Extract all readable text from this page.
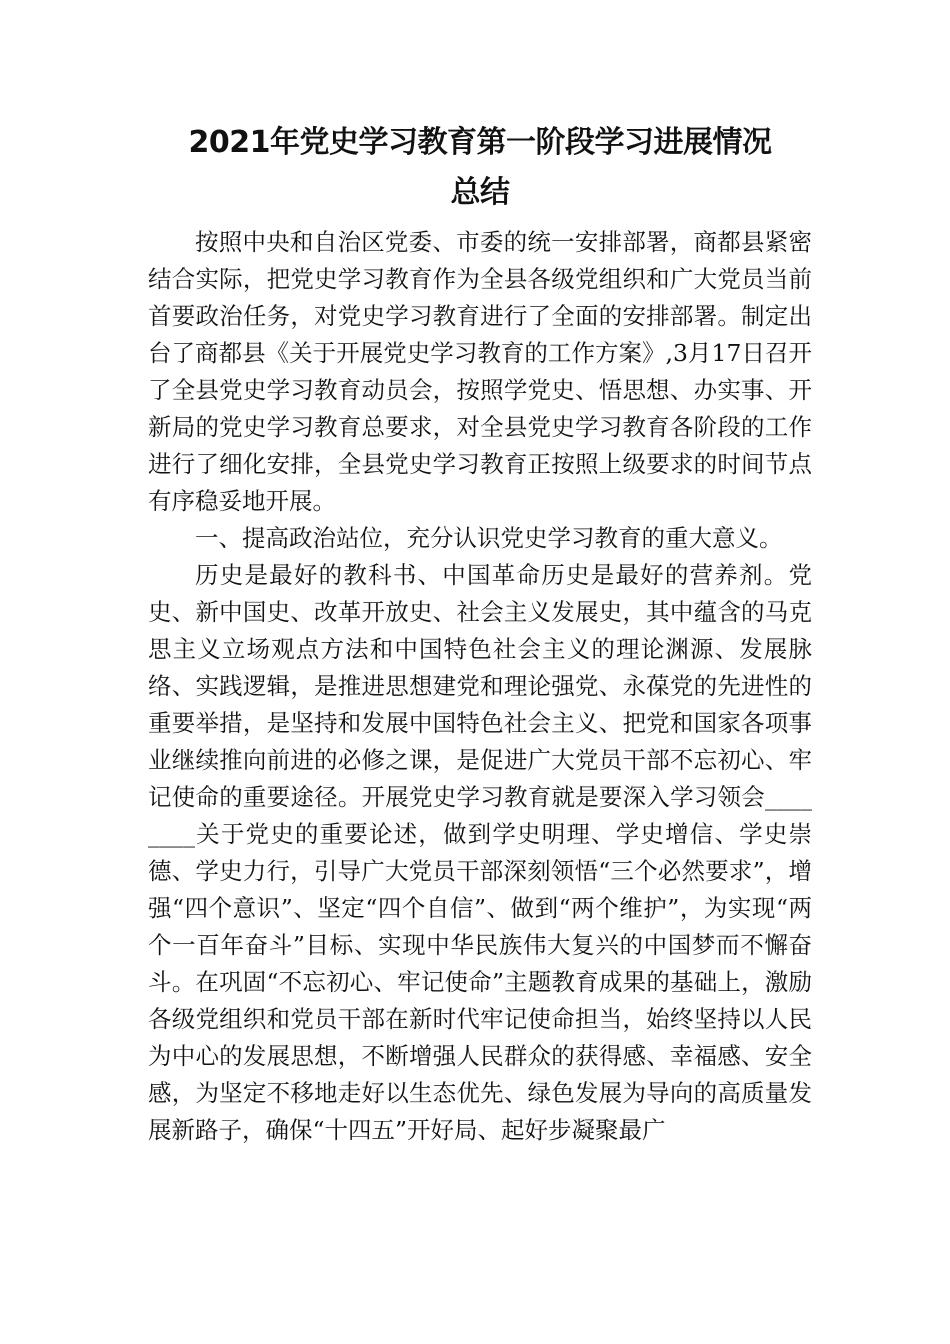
2021年党史学习教育第一阶段学习进展情况
总结

按照中央和自治区党委、市委的统一安排部署，商都县紧密结合实际，把党史学习教育作为全县各级党组织和广大党员当前首要政治任务，对党史学习教育进行了全面的安排部署。制定出台了商都县《关于开展党史学习教育的工作方案》,3月17日召开了全县党史学习教育动员会，按照学党史、悟思想、办实事、开新局的党史学习教育总要求，对全县党史学习教育各阶段的工作进行了细化安排，全县党史学习教育正按照上级要求的时间节点有序稳妥地开展。

一、提高政治站位，充分认识党史学习教育的重大意义。

历史是最好的教科书、中国革命历史是最好的营养剂。党史、新中国史、改革开放史、社会主义发展史，其中蕴含的马克思主义立场观点方法和中国特色社会主义的理论渊源、发展脉络、实践逻辑，是推进思想建党和理论强党、永葆党的先进性的重要举措，是坚持和发展中国特色社会主义、把党和国家各项事业继续推向前进的必修之课，是促进广大党员干部不忘初心、牢记使命的重要途径。开展党史学习教育就是要深入学习领会________关于党史的重要论述，做到学史明理、学史增信、学史崇德、学史力行，引导广大党员干部深刻领悟“三个必然要求”，增强“四个意识”、坚定“四个自信”、做到“两个维护”，为实现“两个一百年奋斗”目标、实现中华民族伟大复兴的中国梦而不懈奋斗。在巩固“不忘初心、牢记使命”主题教育成果的基础上，激励各级党组织和党员干部在新时代牢记使命担当，始终坚持以人民为中心的发展思想，不断增强人民群众的获得感、幸福感、安全感，为坚定不移地走好以生态优先、绿色发展为导向的高质量发展新路子，确保“十四五”开好局、起好步凝聚最广
